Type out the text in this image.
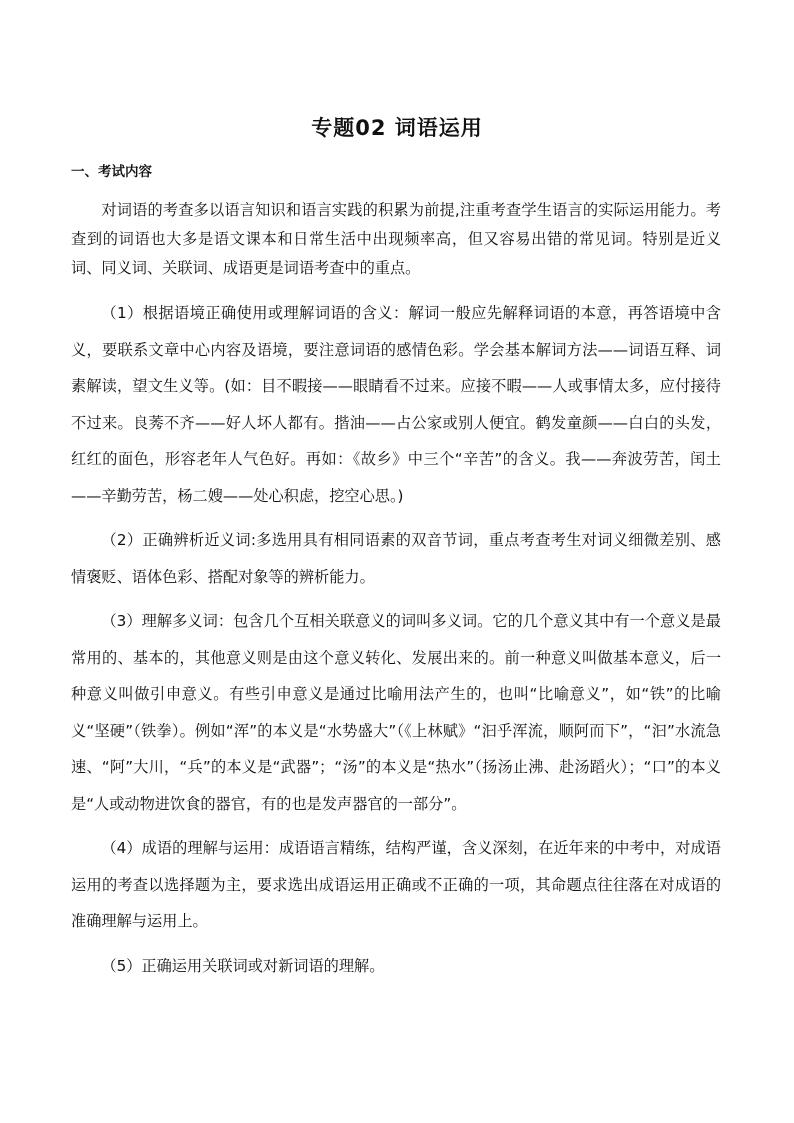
专题02 词语运用
一、考试内容

对词语的考查多以语言知识和语言实践的积累为前提,注重考查学生语言的实际运用能力。考查到的词语也大多是语文课本和日常生活中出现频率高，但又容易出错的常见词。特别是近义词、同义词、关联词、成语更是词语考查中的重点。

（1）根据语境正确使用或理解词语的含义：解词一般应先解释词语的本意，再答语境中含义，要联系文章中心内容及语境，要注意词语的感情色彩。学会基本解词方法——词语互释、词素解读，望文生义等。(如：目不暇接——眼睛看不过来。应接不暇——人或事情太多，应付接待不过来。良莠不齐——好人坏人都有。揩油——占公家或别人便宜。鹤发童颜——白白的头发，红红的面色，形容老年人气色好。再如：《故乡》中三个“辛苦”的含义。我——奔波劳苦，闰土——辛勤劳苦，杨二嫂——处心积虑，挖空心思。)

（2）正确辨析近义词:多选用具有相同语素的双音节词，重点考查考生对词义细微差别、感情褒贬、语体色彩、搭配对象等的辨析能力。

（3）理解多义词：包含几个互相关联意义的词叫多义词。它的几个意义其中有一个意义是最常用的、基本的，其他意义则是由这个意义转化、发展出来的。前一种意义叫做基本意义，后一种意义叫做引申意义。有些引申意义是通过比喻用法产生的，也叫“比喻意义”，如“铁”的比喻义“坚硬”（铁拳）。例如“浑”的本义是“水势盛大”（《上林赋》“汩乎浑流，顺阿而下”，“汩”水流急速、“阿”大川，“兵”的本义是“武器”；“汤”的本义是“热水”（扬汤止沸、赴汤蹈火）；“口”的本义是“人或动物进饮食的器官，有的也是发声器官的一部分”。

（4）成语的理解与运用：成语语言精练，结构严谨，含义深刻，在近年来的中考中，对成语运用的考查以选择题为主，要求选出成语运用正确或不正确的一项，其命题点往往落在对成语的准确理解与运用上。

（5）正确运用关联词或对新词语的理解。
